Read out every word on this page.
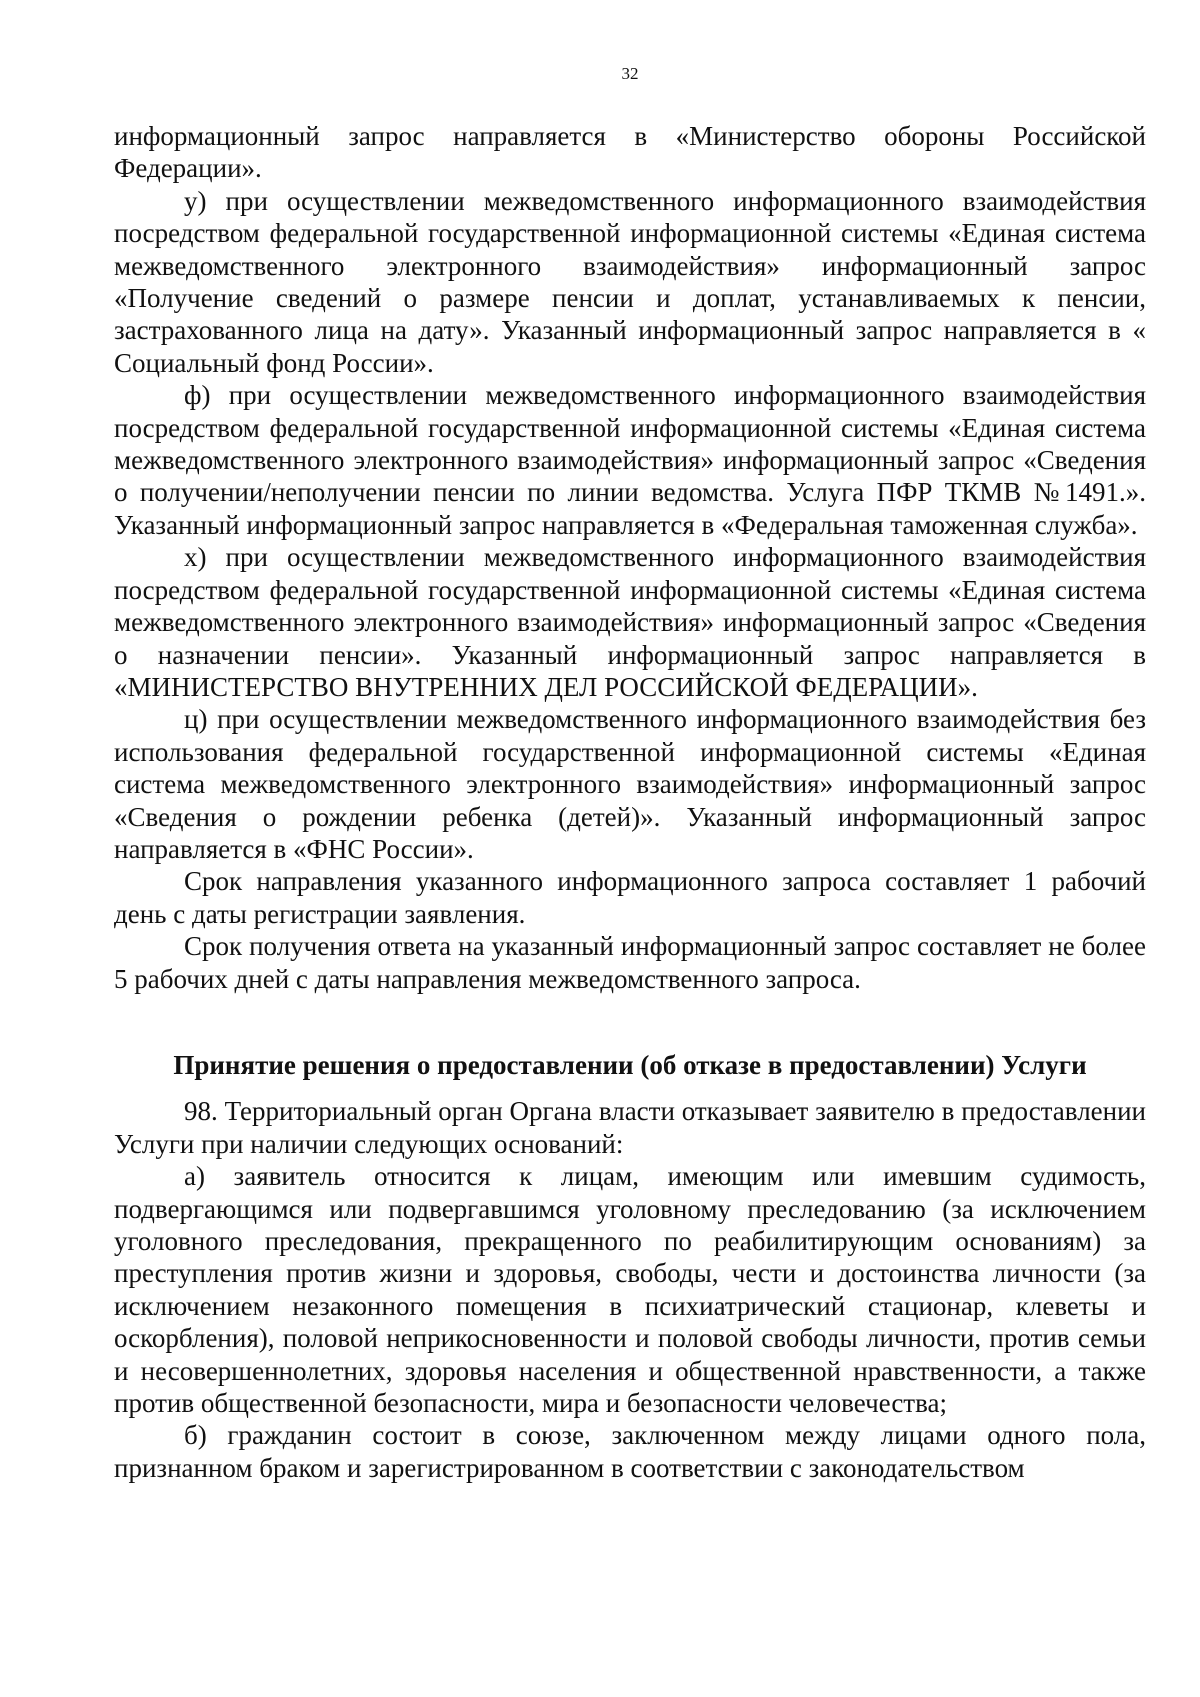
32

информационный запрос направляется в «Министерство обороны Российской Федерации».

у) при осуществлении межведомственного информационного взаимодействия посредством федеральной государственной информационной системы «Единая система межведомственного электронного взаимодействия» информационный запрос «Получение сведений о размере пенсии и доплат, устанавливаемых к пенсии, застрахованного лица на дату». Указанный информационный запрос направляется в « Социальный фонд России».

ф) при осуществлении межведомственного информационного взаимодействия посредством федеральной государственной информационной системы «Единая система межведомственного электронного взаимодействия» информационный запрос «Сведения о получении/неполучении пенсии по линии ведомства. Услуга ПФР ТКМВ №1491.». Указанный информационный запрос направляется в «Федеральная таможенная служба».

х) при осуществлении межведомственного информационного взаимодействия посредством федеральной государственной информационной системы «Единая система межведомственного электронного взаимодействия» информационный запрос «Сведения о назначении пенсии». Указанный информационный запрос направляется в «МИНИСТЕРСТВО ВНУТРЕННИХ ДЕЛ РОССИЙСКОЙ ФЕДЕРАЦИИ».

ц) при осуществлении межведомственного информационного взаимодействия без использования федеральной государственной информационной системы «Единая система межведомственного электронного взаимодействия» информационный запрос «Сведения о рождении ребенка (детей)». Указанный информационный запрос направляется в «ФНС России».

Срок направления указанного информационного запроса составляет 1 рабочий день с даты регистрации заявления.

Срок получения ответа на указанный информационный запрос составляет не более 5 рабочих дней с даты направления межведомственного запроса.

Принятие решения о предоставлении (об отказе в предоставлении) Услуги

98. Территориальный орган Органа власти отказывает заявителю в предоставлении Услуги при наличии следующих оснований:

а) заявитель относится к лицам, имеющим или имевшим судимость, подвергающимся или подвергавшимся уголовному преследованию (за исключением уголовного преследования, прекращенного по реабилитирующим основаниям) за преступления против жизни и здоровья, свободы, чести и достоинства личности (за исключением незаконного помещения в психиатрический стационар, клеветы и оскорбления), половой неприкосновенности и половой свободы личности, против семьи и несовершеннолетних, здоровья населения и общественной нравственности, а также против общественной безопасности, мира и безопасности человечества;

б) гражданин состоит в союзе, заключенном между лицами одного пола, признанном браком и зарегистрированном в соответствии с законодательством
